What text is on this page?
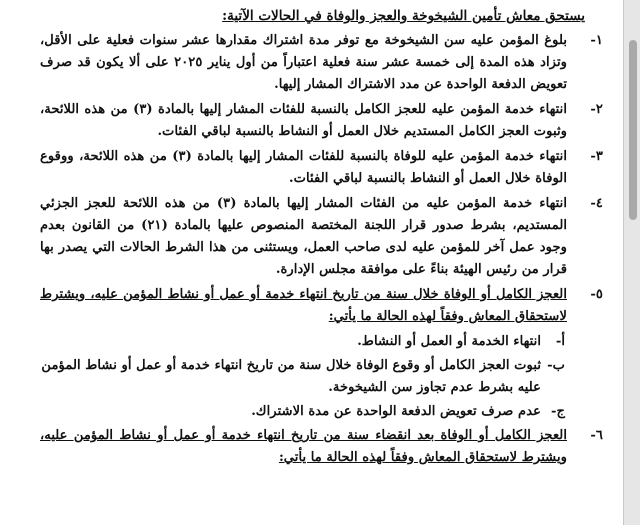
يستحق معاش تأمين الشيخوخة والعجز والوفاة في الحالات الآتية:

١-
بلوغ المؤمن عليه سن الشيخوخة مع توفر مدة اشتراك مقدارها عشر سنوات فعلية على الأقل، وتزاد هذه المدة إلى خمسة عشر سنة فعلية اعتباراً من أول يناير ٢٠٢٥ على ألا يكون قد صرف تعويض الدفعة الواحدة عن مدد الاشتراك المشار إليها.
٢-
انتهاء خدمة المؤمن عليه للعجز الكامل بالنسبة للفئات المشار إليها بالمادة (٣) من هذه اللائحة، وثبوت العجز الكامل المستديم خلال العمل أو النشاط بالنسبة لباقي الفئات.
٣-
انتهاء خدمة المؤمن عليه للوفاة بالنسبة للفئات المشار إليها بالمادة (٣) من هذه اللائحة، ووقوع الوفاة خلال العمل أو النشاط بالنسبة لباقي الفئات.
٤-
انتهاء خدمة المؤمن عليه من الفئات المشار إليها بالمادة (٣) من هذه اللائحة للعجز الجزئي المستديم، بشرط صدور قرار اللجنة المختصة المنصوص عليها بالمادة (٢١) من القانون بعدم وجود عمل آخر للمؤمن عليه لدى صاحب العمل، ويستثنى من هذا الشرط الحالات التي يصدر بها قرار من رئيس الهيئة بناءً على موافقة مجلس الإدارة.
٥-
العجز الكامل أو الوفاة خلال سنة من تاريخ انتهاء خدمة أو عمل أو نشاط المؤمن عليه، ويشترط لاستحقاق المعاش وفقاً لهذه الحالة ما يأتي:
أ-
انتهاء الخدمة أو العمل أو النشاط.
ب-
ثبوت العجز الكامل أو وقوع الوفاة خلال سنة من تاريخ انتهاء خدمة أو عمل أو نشاط المؤمن عليه بشرط عدم تجاوز سن الشيخوخة.
ج-
عدم صرف تعويض الدفعة الواحدة عن مدة الاشتراك.
٦-
العجز الكامل أو الوفاة بعد انقضاء سنة من تاريخ انتهاء خدمة أو عمل أو نشاط المؤمن عليه، ويشترط لاستحقاق المعاش وفقاً لهذه الحالة ما يأتي:
